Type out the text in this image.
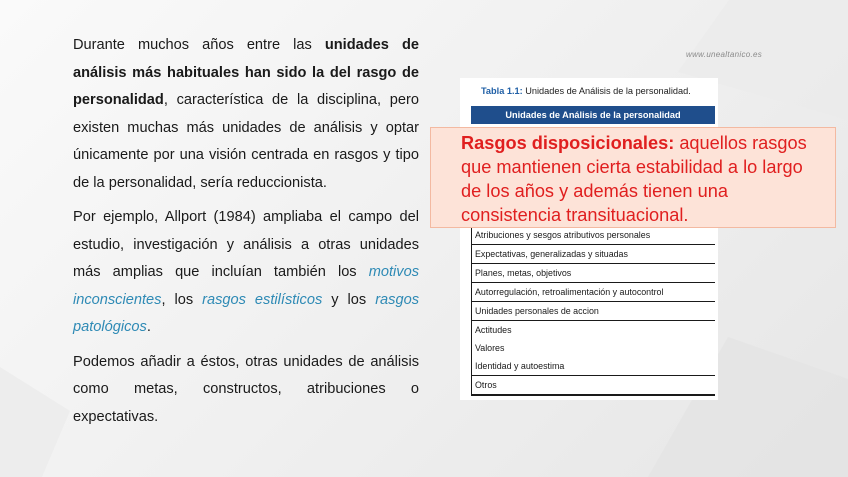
Durante muchos años entre las unidades de análisis más habituales han sido la del rasgo de personalidad, característica de la disciplina, pero existen muchas más unidades de análisis y optar únicamente por una visión centrada en rasgos y tipo de la personalidad, sería reduccionista.

Por ejemplo, Allport (1984) ampliaba el campo del estudio, investigación y análisis a otras unidades más amplias que incluían también los motivos inconscientes, los rasgos estilísticos y los rasgos patológicos.

Podemos añadir a éstos, otras unidades de análisis como metas, constructos, atribuciones o expectativas.

www.unealtanico.es
Tabla 1.1: Unidades de Análisis de la personalidad.
Unidades de Análisis de la personalidad
Atribuciones y sesgos atributivos personales
Expectativas, generalizadas y situadas
Planes, metas, objetivos
Autorregulación, retroalimentación y autocontrol
Unidades personales de accion
Actitudes
Valores
Identidad y autoestima
Otros
Rasgos disposicionales: aquellos rasgos que mantienen cierta estabilidad a lo largo de los años y además tienen una consistencia transituacional.
